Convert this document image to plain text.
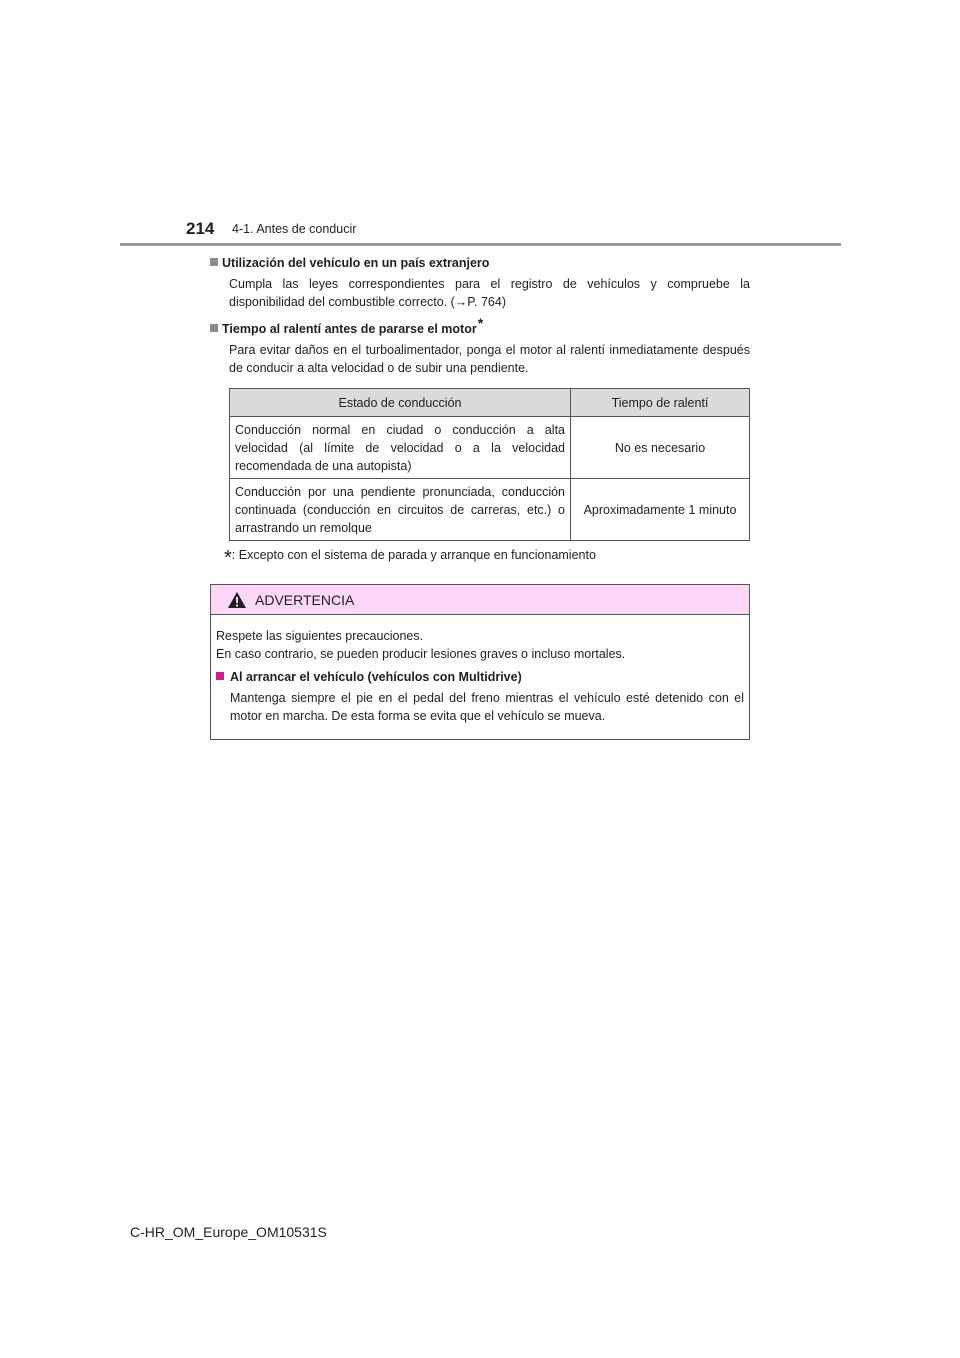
214 4-1. Antes de conducir

Utilización del vehículo en un país extranjero

Cumpla las leyes correspondientes para el registro de vehículos y compruebe la disponibilidad del combustible correcto. (→P. 764)

Tiempo al ralentí antes de pararse el motor*

Para evitar daños en el turboalimentador, ponga el motor al ralentí inmediatamente después de conducir a alta velocidad o de subir una pendiente.

Estado de conducción	Tiempo de ralentí
Conducción normal en ciudad o conducción a alta velocidad (al límite de velocidad o a la velocidad recomendada de una autopista)	No es necesario
Conducción por una pendiente pronunciada, conducción continuada (conducción en circuitos de carreras, etc.) o arrastrando un remolque	Aproximadamente 1 minuto

*: Excepto con el sistema de parada y arranque en funcionamiento

ADVERTENCIA

Respete las siguientes precauciones.

En caso contrario, se pueden producir lesiones graves o incluso mortales.

Al arrancar el vehículo (vehículos con Multidrive)

Mantenga siempre el pie en el pedal del freno mientras el vehículo esté detenido con el motor en marcha. De esta forma se evita que el vehículo se mueva.

C-HR_OM_Europe_OM10531S
